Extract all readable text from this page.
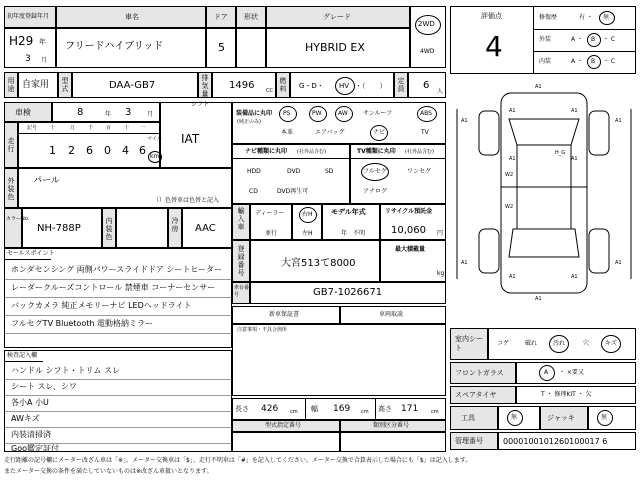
初年度登録年月	車名	ドア 形状	グレード
2WD
4WD
H29 年
3 月
フリードハイブリッド	5	HYBRID EX
用途 自家用 型式	DAA-GB7
排気量
1496 CC
燃料 G・D・ HV ・（　　）
定員 6
人
車検	8	年 3	月
シフト
IAT
走行
記号	十	万	千	百	十 一
1 2 6 0 4 6
マイル
km
外装色
パール
（）色替車は色替と記入
カラーNo.
NH-788P
内装色
冷房 AAC
セールスポイント
ホンダセンシング 両側パワースライドドア シートヒーター
レーダークルーズコントロール 禁煙車 コーナーセンサー
バックカメラ 純正メモリーナビ LEDヘッドライト
フルセグTV Bluetooth 電動格納ミラー
検査記入欄
ハンドル シフト・トリム スレ
シート スレ、シワ
各小A 小U
AWキズ
内装清掃済
Goo鑑定証付
装備品に丸印
(純正のみ)
PS	PW	AW	サンルーフ	ABS
本革	エアバッグ	ナビ	TV
ナビ種類に丸印 (社外品含む)
HDD	DVD	SD
CD	DVD再生可
TV種類に丸印 (社外品含む)
フルセグ	ワンセグ
アナログ
輸入車
ディーラー
並行
右H
左H
モデル年式
年　不明
リサイクル預託金
10,060 円
登録番号
大宮513て8000
最大積載量
kg
車台番号	GB7-1026671
新車保証書	車両取説
注意事項・不具合箇所
長さ 426 cm 幅 169 cm 高さ 171	cm
型式指定番号	類別区分番号
評価点
4
修復歴	有 ・ 無
外装	A ・ B ・ C
内装	A ・ B ・ C
A1
A1	A1
A1	A1
A1	A1
W2
W2
H_G
A1	A1
A1	A1
A1
室内シート
コゲ	破れ	汚れ	穴	キズ
フロントガラス	A ・ ×要又
スペアタイヤ	T ・ 修理KIT ・ 欠
工具	無	ジャッキ	無
管理番号	0000100101260100017 6
走行距離の記号欄にメーター改ざん車は「※」、メーター交換車は「$」、走行不明車は「#」を記入してください。メーター交換で合算表示した場合にも「$」は記入します。
またメーター交換の条件を満たしていないものは※改ざん車扱いとなります。
